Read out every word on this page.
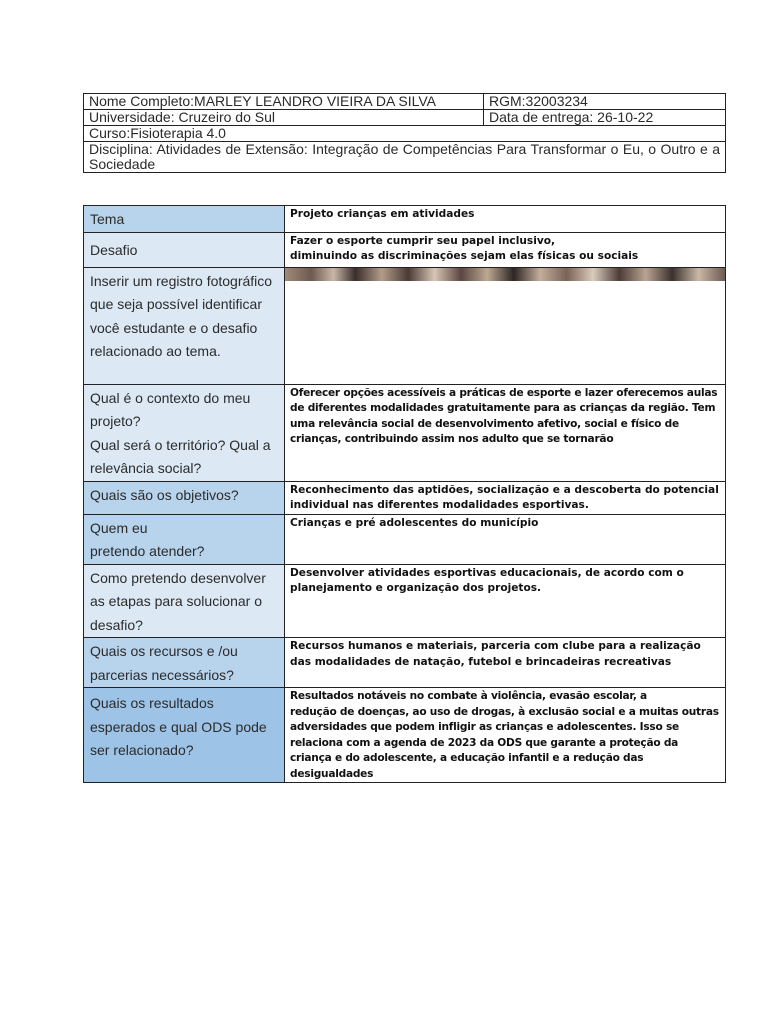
Nome Completo:MARLEY LEANDRO VIEIRA DA SILVA	RGM:32003234
Universidade: Cruzeiro do Sul	Data de entrega: 26-10-22
Curso:Fisioterapia 4.0	
Disciplina: Atividades de Extensão: Integração de Competências Para Transformar o Eu, o Outro e a Sociedade	
Tema	Projeto crianças em atividades
Desafio	Fazer o esporte cumprir seu papel inclusivo,
diminuindo as discriminações sejam elas físicas ou sociais

Inserir um registro fotográfico que seja possível identificar você estudante e o desafio relacionado ao tema.	

Qual é o contexto do meu projeto?
Qual será o território? Qual a relevância social?	Oferecer opções acessíveis a práticas de esporte e lazer oferecemos aulas de diferentes modalidades gratuitamente para as crianças da região. Tem uma relevância social de desenvolvimento afetivo, social e físico de crianças, contribuindo assim nos adulto que se tornarão
Quais são os objetivos?	Reconhecimento das aptidões, socialização e a descoberta do potencial individual nas diferentes modalidades esportivas.

Quem eu
pretendo atender?	Crianças e pré adolescentes do município
Como pretendo desenvolver as etapas para solucionar o desafio?	Desenvolver atividades esportivas educacionais, de acordo com o planejamento e organização dos projetos.
Quais os recursos e /ou parcerias necessários?	Recursos humanos e materiais, parceria com clube para a realização das modalidades de natação, futebol e brincadeiras recreativas
Quais os resultados esperados e qual ODS pode ser relacionado?	Resultados notáveis no combate à violência, evasão escolar, a
redução de doenças, ao uso de drogas, à exclusão social e a muitas outras adversidades que podem infligir as crianças e adolescentes. Isso se relaciona com a agenda de 2023 da ODS que garante a proteção da criança e do adolescente, a educação infantil e a redução das desigualdades
